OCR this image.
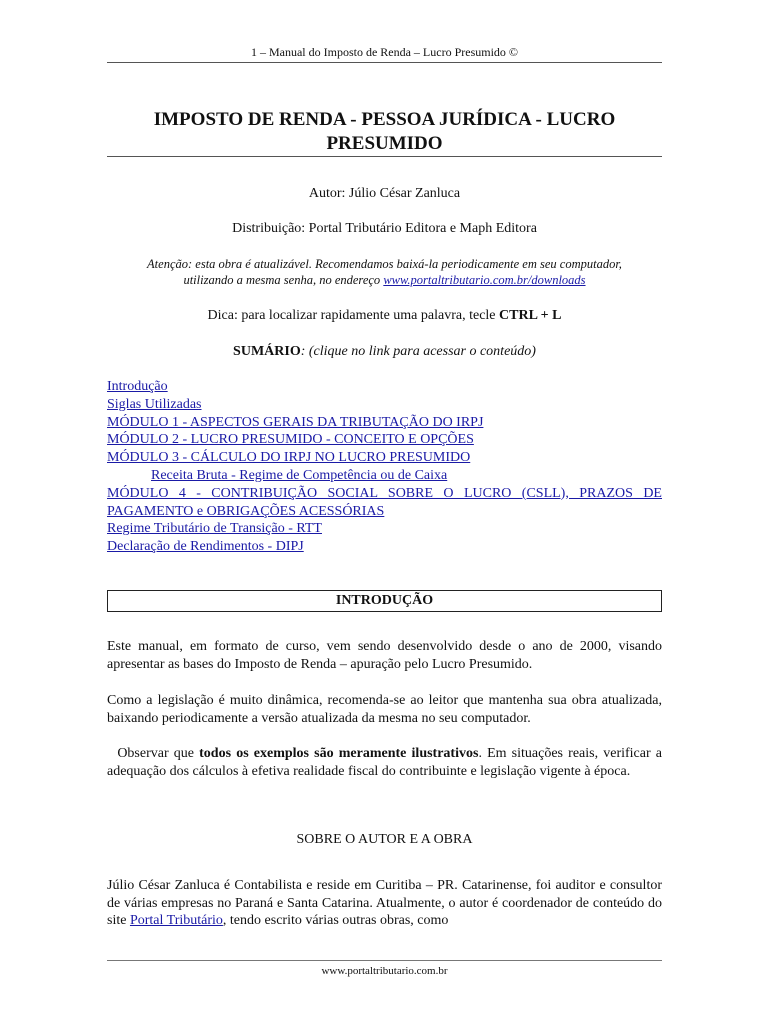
1 – Manual do Imposto de Renda – Lucro Presumido ©
IMPOSTO DE RENDA - PESSOA JURÍDICA - LUCRO
PRESUMIDO
Autor: Júlio César Zanluca
Distribuição: Portal Tributário Editora e Maph Editora
Atenção: esta obra é atualizável. Recomendamos baixá-la periodicamente em seu computador,
utilizando a mesma senha, no endereço www.portaltributario.com.br/downloads
Dica: para localizar rapidamente uma palavra, tecle CTRL + L
SUMÁRIO: (clique no link para acessar o conteúdo)
Introdução
Siglas Utilizadas
MÓDULO 1 - ASPECTOS GERAIS DA TRIBUTAÇÃO DO IRPJ
MÓDULO 2 - LUCRO PRESUMIDO - CONCEITO E OPÇÕES
MÓDULO 3 - CÁLCULO DO IRPJ NO LUCRO PRESUMIDO
Receita Bruta - Regime de Competência ou de Caixa
MÓDULO 4 - CONTRIBUIÇÃO SOCIAL SOBRE O LUCRO (CSLL), PRAZOS DE
PAGAMENTO e OBRIGAÇÕES ACESSÓRIAS
Regime Tributário de Transição - RTT
Declaração de Rendimentos - DIPJ
INTRODUÇÃO
Este manual, em formato de curso, vem sendo desenvolvido desde o ano de 2000, visando apresentar as bases do Imposto de Renda – apuração pelo Lucro Presumido.
Como a legislação é muito dinâmica, recomenda-se ao leitor que mantenha sua obra atualizada, baixando periodicamente a versão atualizada da mesma no seu computador.
Observar que todos os exemplos são meramente ilustrativos. Em situações reais, verificar a adequação dos cálculos à efetiva realidade fiscal do contribuinte e legislação vigente à época.
SOBRE O AUTOR E A OBRA
Júlio César Zanluca é Contabilista e reside em Curitiba – PR. Catarinense, foi auditor e consultor de várias empresas no Paraná e Santa Catarina. Atualmente, o autor é coordenador de conteúdo do site Portal Tributário, tendo escrito várias outras obras, como
www.portaltributario.com.br
